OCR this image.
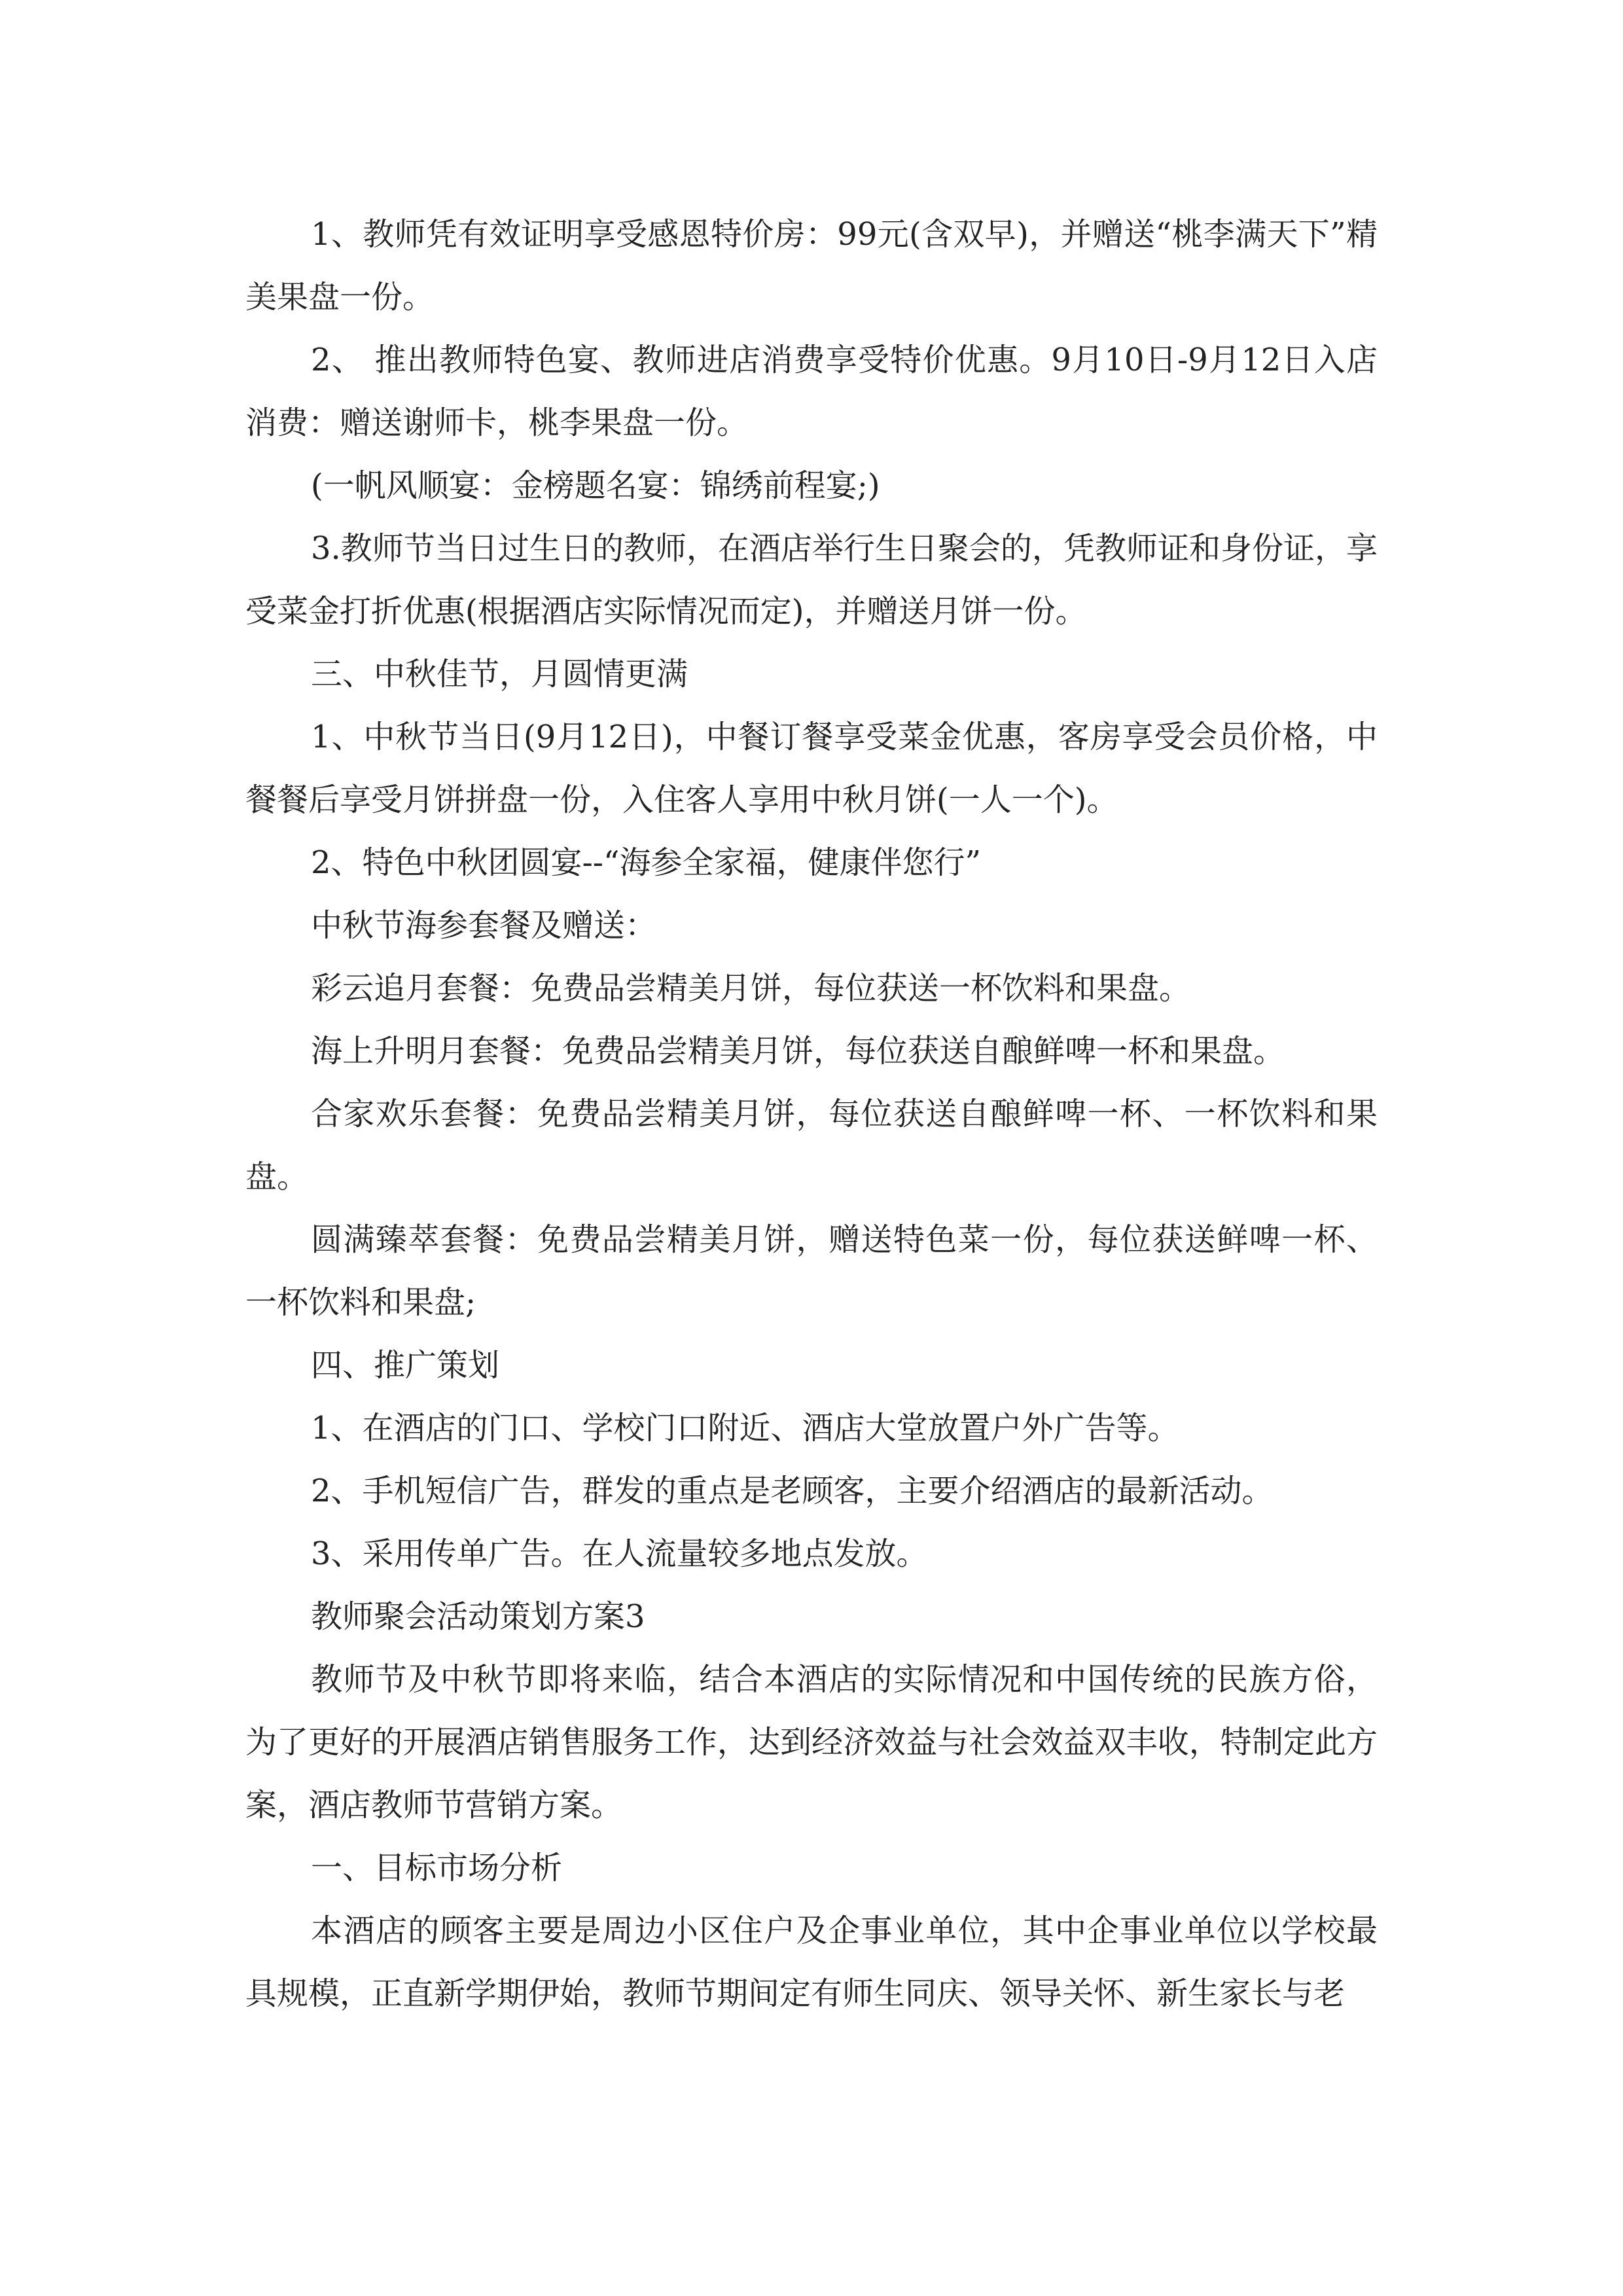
1、教师凭有效证明享受感恩特价房：99元(含双早)，并赠送“桃李满天下”精美果盘一份。

2、 推出教师特色宴、教师进店消费享受特价优惠。9月10日-9月12日入店消费：赠送谢师卡，桃李果盘一份。

(一帆风顺宴：金榜题名宴：锦绣前程宴;)

3.教师节当日过生日的教师，在酒店举行生日聚会的，凭教师证和身份证，享受菜金打折优惠(根据酒店实际情况而定)，并赠送月饼一份。

三、中秋佳节，月圆情更满

1、中秋节当日(9月12日)，中餐订餐享受菜金优惠，客房享受会员价格，中餐餐后享受月饼拼盘一份，入住客人享用中秋月饼(一人一个)。

2、特色中秋团圆宴--“海参全家福，健康伴您行”

中秋节海参套餐及赠送：

彩云追月套餐：免费品尝精美月饼，每位获送一杯饮料和果盘。

海上升明月套餐：免费品尝精美月饼，每位获送自酿鲜啤一杯和果盘。

合家欢乐套餐：免费品尝精美月饼，每位获送自酿鲜啤一杯、一杯饮料和果盘。

圆满臻萃套餐：免费品尝精美月饼，赠送特色菜一份，每位获送鲜啤一杯、一杯饮料和果盘;

四、推广策划

1、在酒店的门口、学校门口附近、酒店大堂放置户外广告等。

2、手机短信广告，群发的重点是老顾客，主要介绍酒店的最新活动。

3、采用传单广告。在人流量较多地点发放。

教师聚会活动策划方案3

教师节及中秋节即将来临，结合本酒店的实际情况和中国传统的民族方俗，为了更好的开展酒店销售服务工作，达到经济效益与社会效益双丰收，特制定此方案，酒店教师节营销方案。

一、目标市场分析

本酒店的顾客主要是周边小区住户及企事业单位，其中企事业单位以学校最具规模，正直新学期伊始，教师节期间定有师生同庆、领导关怀、新生家长与老
